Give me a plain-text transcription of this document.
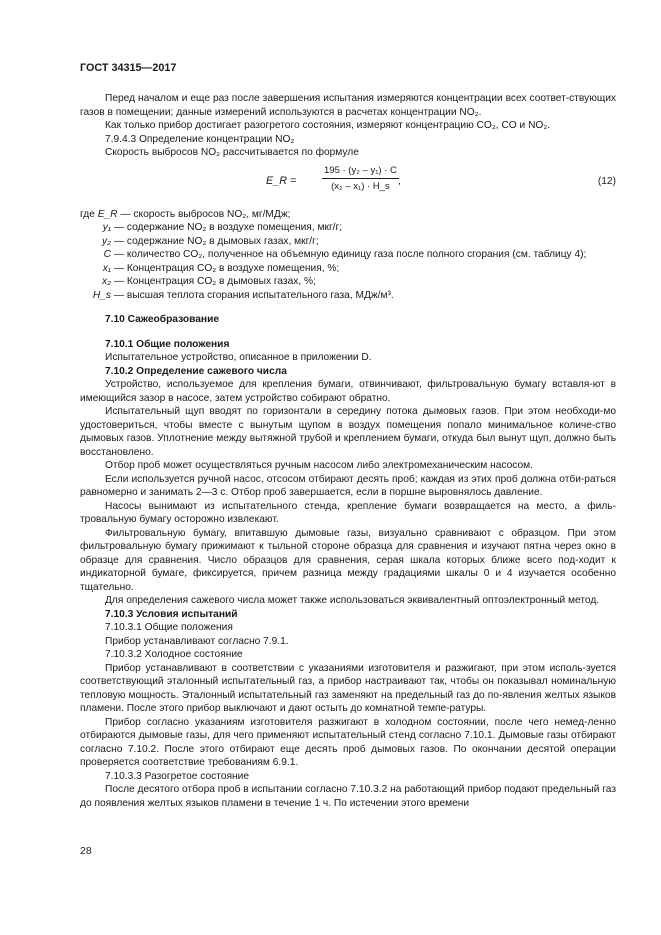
ГОСТ 34315—2017

Перед началом и еще раз после завершения испытания измеряются концентрации всех соответ-ствующих газов в помещении; данные измерений используются в расчетах концентрации NO₂.

Как только прибор достигает разогретого состояния, измеряют концентрацию CO₂, CO и NO₂.

7.9.4.3 Определение концентрации NO₂

Скорость выбросов NO₂ рассчитывается по формуле

E_R =	$\frac{\text{195 · (y₂ – y₁) · C}}{\text{(x₂ – x₁) · H\_s}}$ ,	(12)
где E_R — скорость выбросов NO₂, мг/МДж;
y₁ — содержание NO₂ в воздухе помещения, мкг/г;
y₂ — содержание NO₂ в дымовых газах, мкг/г;
C — количество CO₂, полученное на объемную единицу газа после полного сгорания (см. таблицу 4);
x₁ — Концентрация CO₂ в воздухе помещения, %;
x₂ — Концентрация CO₂ в дымовых газах, %;
H_s — высшая теплота сгорания испытательного газа, МДж/м³.

7.10 Сажеобразование

7.10.1 Общие положения

Испытательное устройство, описанное в приложении D.

7.10.2 Определение сажевого числа

Устройство, используемое для крепления бумаги, отвинчивают, фильтровальную бумагу вставля-ют в имеющийся зазор в насосе, затем устройство собирают обратно.

Испытательный щуп вводят по горизонтали в середину потока дымовых газов. При этом необходи-мо удостовериться, чтобы вместе с вынутым щупом в воздух помещения попало минимальное количе-ство дымовых газов. Уплотнение между вытяжной трубой и креплением бумаги, откуда был вынут щуп, должно быть восстановлено.

Отбор проб может осуществляться ручным насосом либо электромеханическим насосом.

Если используется ручной насос, отсосом отбирают десять проб; каждая из этих проб должна отби-раться равномерно и занимать 2—3 с. Отбор проб завершается, если в поршне выровнялось давление.

Насосы вынимают из испытательного стенда, крепление бумаги возвращается на место, а филь-тровальную бумагу осторожно извлекают.

Фильтровальную бумагу, впитавшую дымовые газы, визуально сравнивают с образцом. При этом фильтровальную бумагу прижимают к тыльной стороне образца для сравнения и изучают пятна через окно в образце для сравнения. Число образцов для сравнения, серая шкала которых ближе всего под-ходит к индикаторной бумаге, фиксируется, причем разница между градациями шкалы 0 и 4 изучается особенно тщательно.

Для определения сажевого числа может также использоваться эквивалентный оптоэлектронный метод.

7.10.3 Условия испытаний

7.10.3.1 Общие положения

Прибор устанавливают согласно 7.9.1.

7.10.3.2 Холодное состояние

Прибор устанавливают в соответствии с указаниями изготовителя и разжигают, при этом исполь-зуется соответствующий эталонный испытательный газ, а прибор настраивают так, чтобы он показывал номинальную тепловую мощность. Эталонный испытательный газ заменяют на предельный газ до по-явления желтых языков пламени. После этого прибор выключают и дают остыть до комнатной темпе-ратуры.

Прибор согласно указаниям изготовителя разжигают в холодном состоянии, после чего немед-ленно отбираются дымовые газы, для чего применяют испытательный стенд согласно 7.10.1. Дымовые газы отбирают согласно 7.10.2. После этого отбирают еще десять проб дымовых газов. По окончании десятой операции проверяется соответствие требованиям 6.9.1.

7.10.3.3 Разогретое состояние

После десятого отбора проб в испытании согласно 7.10.3.2 на работающий прибор подают предельный газ до появления желтых языков пламени в течение 1 ч. По истечении этого времени

28
